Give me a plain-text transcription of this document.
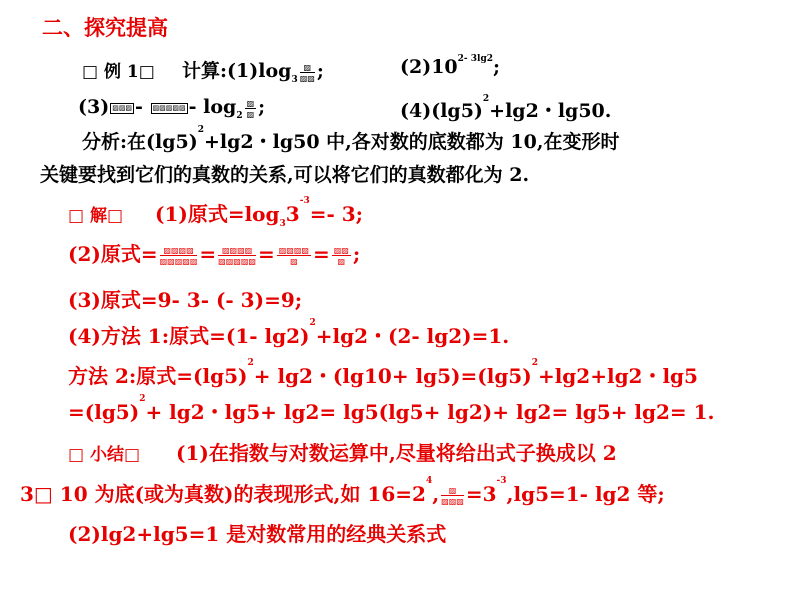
二、探究提高
□ 例 1□ 计算:(1)log3 $\frac{▨}{▨▨}$ ;	$(2)10^{2- 3lg2}$;
(3) ▨▨▨ - ▨▨▨▨▨ - $\log 2 \frac{▨}{▨}$ ;	$(4)(\lg 5)^2+\lg 2$・lg50.
分析:在$(\lg 5)^2+\lg 2$・lg50 中,各对数的底数都为 10,在变形时
关键要找到它们的真数的关系,可以将它们的真数都化为 2.
□ 解□ (1)原式$=\log 33^{-3}=-$ 3;
(2)原式= $\frac{▨▨▨▨}{▨▨▨▨▨} = \frac{▨▨▨▨}{▨▨▨▨▨} = \frac{▨▨▨▨}{▨} = \frac{▨▨}{▨}$ ;
(3)原式=9- 3- (- 3)=9;
(4)方法 1:原式=(1- lg2)$^2$+lg2・(2- lg2)=1.
方法 2:原式$=(\lg 5)^2+ \lg 2$・$(\lg 10+ \lg 5)=(\lg 5)^2+\lg 2+\lg 2$・lg5
$=(\lg 5)^2+ \lg 2$・lg5+ lg2= lg5(lg5+ lg2)+ lg2= lg5+ lg2= 1.
□ 小结□ (1)在指数与对数运算中,尽量将给出式子换成以 2
3□ 10 为底(或为真数)的表现形式,如 $16=2^4$, $\frac{▨}{▨▨▨} =3^{-3},\lg 5=1-$ lg2 等;
(2)lg2+lg5=1 是对数常用的经典关系式
